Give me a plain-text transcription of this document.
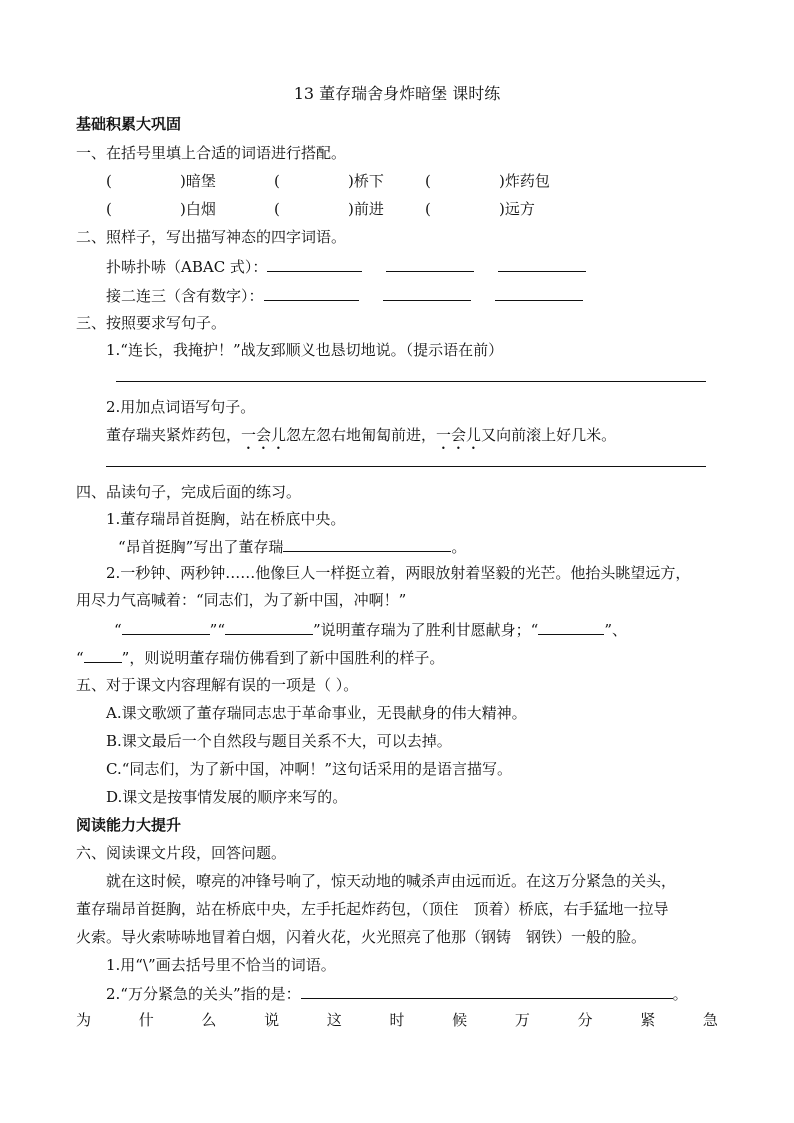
13 董存瑞舍身炸暗堡 课时练
基础积累大巩固
一、在括号里填上合适的词语进行搭配。
(	)暗堡	(	)桥下	(	)炸药包
(	)白烟	(	)前进	(	)远方
二、照样子，写出描写神态的四字词语。
扑哧扑哧（ABAC 式）：
接二连三（含有数字）：
三、按照要求写句子。
1.“连长，我掩护！”战友郅顺义也恳切地说。（提示语在前）
2.用加点词语写句子。
董存瑞夹紧炸药包，一会儿忽左忽右地匍匐前进，一会儿又向前滚上好几米。
四、品读句子，完成后面的练习。
1.董存瑞昂首挺胸，站在桥底中央。
“昂首挺胸”写出了董存瑞	。
2.一秒钟、两秒钟……他像巨人一样挺立着，两眼放射着坚毅的光芒。他抬头眺望远方，
用尽力气高喊着：“同志们，为了新中国，冲啊！”
“	”“	”说明董存瑞为了胜利甘愿献身；“	”、
“	”，则说明董存瑞仿佛看到了新中国胜利的样子。
五、对于课文内容理解有误的一项是（ ）。
A.课文歌颂了董存瑞同志忠于革命事业，无畏献身的伟大精神。
B.课文最后一个自然段与题目关系不大，可以去掉。
C.“同志们，为了新中国，冲啊！”这句话采用的是语言描写。
D.课文是按事情发展的顺序来写的。
阅读能力大提升
六、阅读课文片段，回答问题。
就在这时候，嘹亮的冲锋号响了，惊天动地的喊杀声由远而近。在这万分紧急的关头，
董存瑞昂首挺胸，站在桥底中央，左手托起炸药包，（顶住　顶着）桥底，右手猛地一拉导
火索。导火索哧哧地冒着白烟，闪着火花，火光照亮了他那（钢铸　钢铁）一般的脸。
1.用“\”画去括号里不恰当的词语。
2.“万分紧急的关头”指的是：	。
为	什	么	说	这	时	候	万	分	紧	急
